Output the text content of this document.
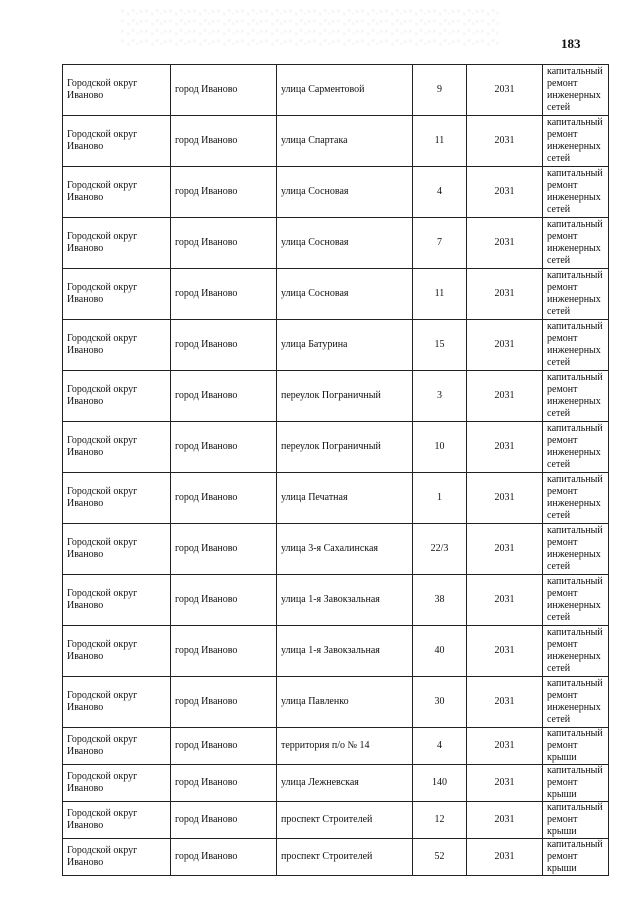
183
Городской округ Иваново	город Иваново	улица Сарментовой	9	2031	капитальный ремонт инженерных сетей
Городской округ Иваново	город Иваново	улица Спартака	11	2031	капитальный ремонт инженерных сетей
Городской округ Иваново	город Иваново	улица Сосновая	4	2031	капитальный ремонт инженерных сетей
Городской округ Иваново	город Иваново	улица Сосновая	7	2031	капитальный ремонт инженерных сетей
Городской округ Иваново	город Иваново	улица Сосновая	11	2031	капитальный ремонт инженерных сетей
Городской округ Иваново	город Иваново	улица Батурина	15	2031	капитальный ремонт инженерных сетей
Городской округ Иваново	город Иваново	переулок Пограничный	3	2031	капитальный ремонт инженерных сетей
Городской округ Иваново	город Иваново	переулок Пограничный	10	2031	капитальный ремонт инженерных сетей
Городской округ Иваново	город Иваново	улица Печатная	1	2031	капитальный ремонт инженерных сетей
Городской округ Иваново	город Иваново	улица 3-я Сахалинская	22/3	2031	капитальный ремонт инженерных сетей
Городской округ Иваново	город Иваново	улица 1-я Завокзальная	38	2031	капитальный ремонт инженерных сетей
Городской округ Иваново	город Иваново	улица 1-я Завокзальная	40	2031	капитальный ремонт инженерных сетей
Городской округ Иваново	город Иваново	улица Павленко	30	2031	капитальный ремонт инженерных сетей
Городской округ Иваново	город Иваново	территория п/о № 14	4	2031	капитальный ремонт крыши
Городской округ Иваново	город Иваново	улица Лежневская	140	2031	капитальный ремонт крыши
Городской округ Иваново	город Иваново	проспект Строителей	12	2031	капитальный ремонт крыши
Городской округ Иваново	город Иваново	проспект Строителей	52	2031	капитальный ремонт крыши
